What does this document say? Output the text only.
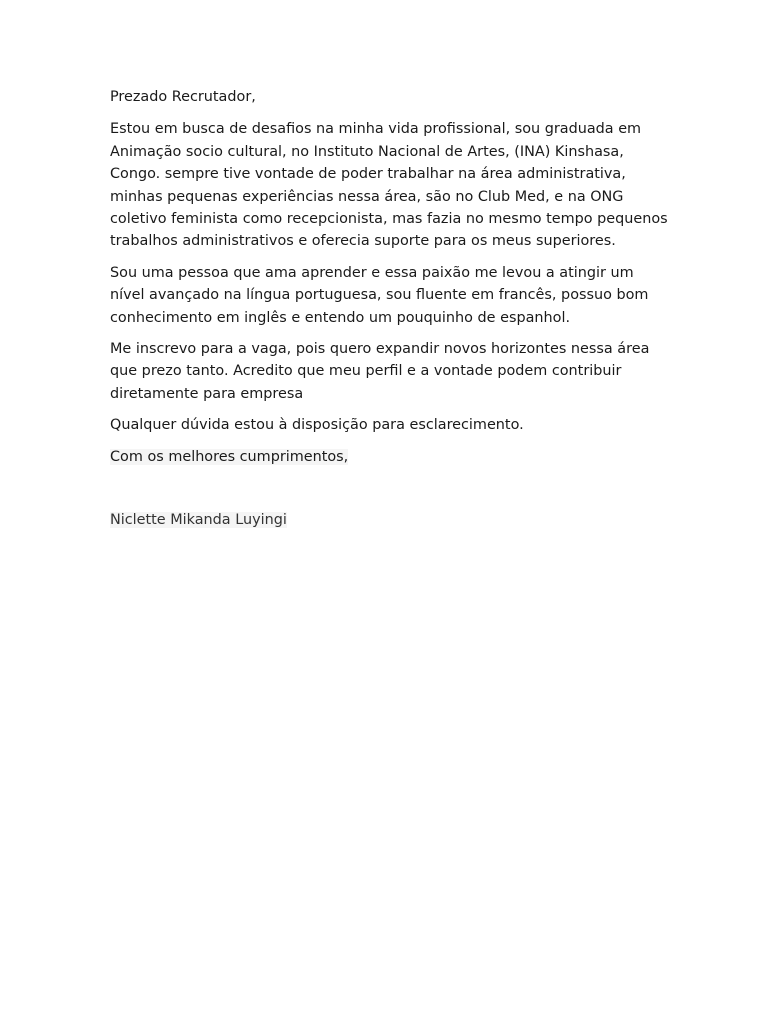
Prezado Recrutador,

Estou em busca de desafios na minha vida profissional, sou graduada em Animação socio cultural, no Instituto Nacional de Artes, (INA) Kinshasa, Congo. sempre tive vontade de poder trabalhar na área administrativa, minhas pequenas experiências nessa área, são no Club Med, e na ONG coletivo feminista como recepcionista, mas fazia no mesmo tempo pequenos trabalhos administrativos e oferecia suporte para os meus superiores.

Sou uma pessoa que ama aprender e essa paixão me levou a atingir um nível avançado na língua portuguesa, sou fluente em francês, possuo bom conhecimento em inglês e entendo um pouquinho de espanhol.

Me inscrevo para a vaga, pois quero expandir novos horizontes nessa área que prezo tanto. Acredito que meu perfil e a vontade podem contribuir diretamente para empresa

Qualquer dúvida estou à disposição para esclarecimento.

Com os melhores cumprimentos,

Niclette Mikanda Luyingi
